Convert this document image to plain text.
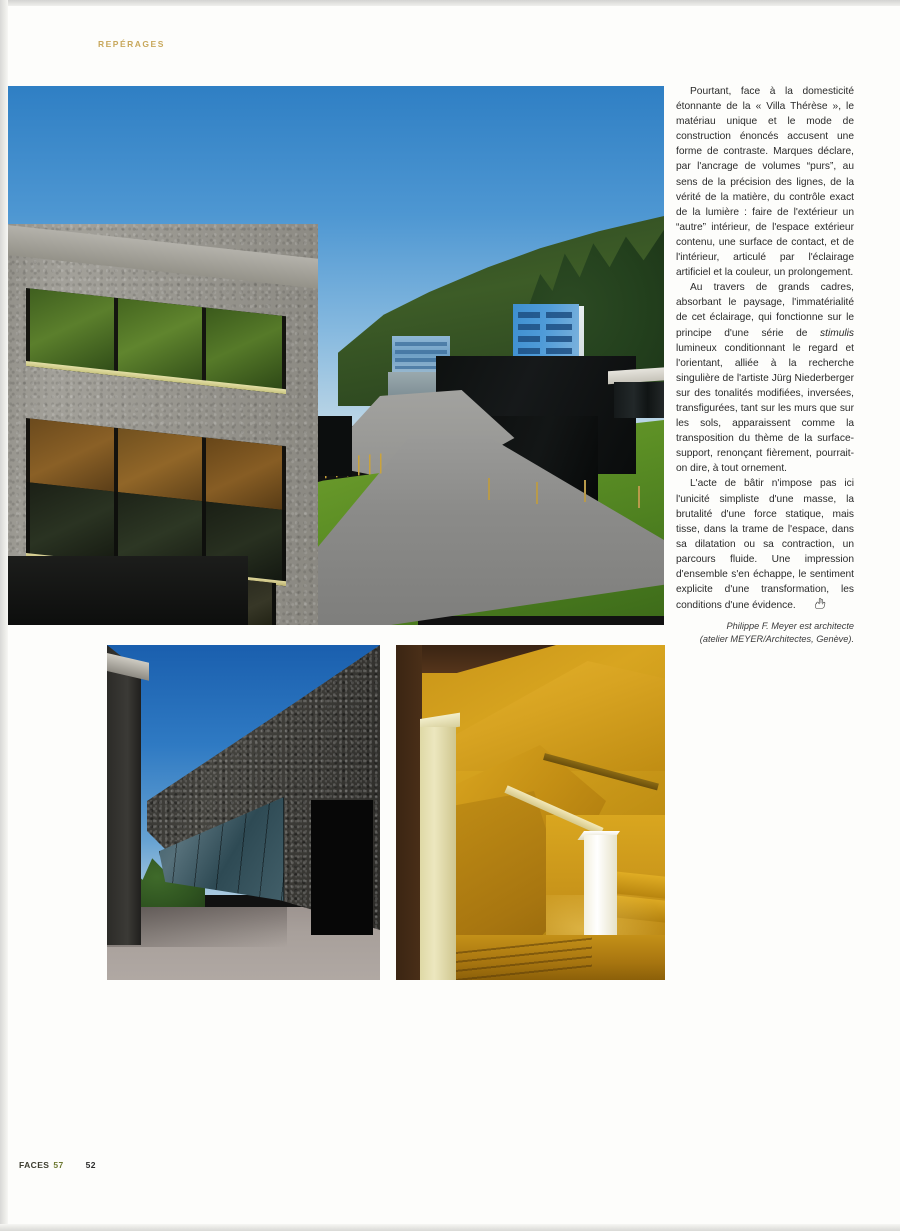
REPÉRAGES

Pourtant, face à la domesticité étonnante de la « Villa Thérèse », le matériau unique et le mode de construction énoncés accusent une forme de contraste. Marques déclare, par l'ancrage de volumes “purs”, au sens de la précision des lignes, de la vérité de la matière, du contrôle exact de la lumière : faire de l'extérieur un “autre” intérieur, de l'espace extérieur contenu, une surface de contact, et de l'intérieur, articulé par l'éclairage artificiel et la couleur, un prolongement.

Au travers de grands cadres, absorbant le paysage, l'immatérialité de cet éclairage, qui fonctionne sur le principe d'une série de stimulis lumineux conditionnant le regard et l'orientant, alliée à la recherche singulière de l'artiste Jürg Niederberger sur des tonalités modifiées, inversées, transfigurées, tant sur les murs que sur les sols, apparaissent comme la transposition du thème de la surface-support, renonçant fièrement, pourrait-on dire, à tout ornement.

L'acte de bâtir n'impose pas ici l'unicité simpliste d'une masse, la brutalité d'une force statique, mais tisse, dans la trame de l'espace, dans sa dilatation ou sa contraction, un parcours fluide. Une impression d'ensemble s'en échappe, le sentiment explicite d'une transformation, les conditions d'une évidence.

Philippe F. Meyer est architecte
(atelier MEYER/Architectes, Genève).
FACES 57	52
